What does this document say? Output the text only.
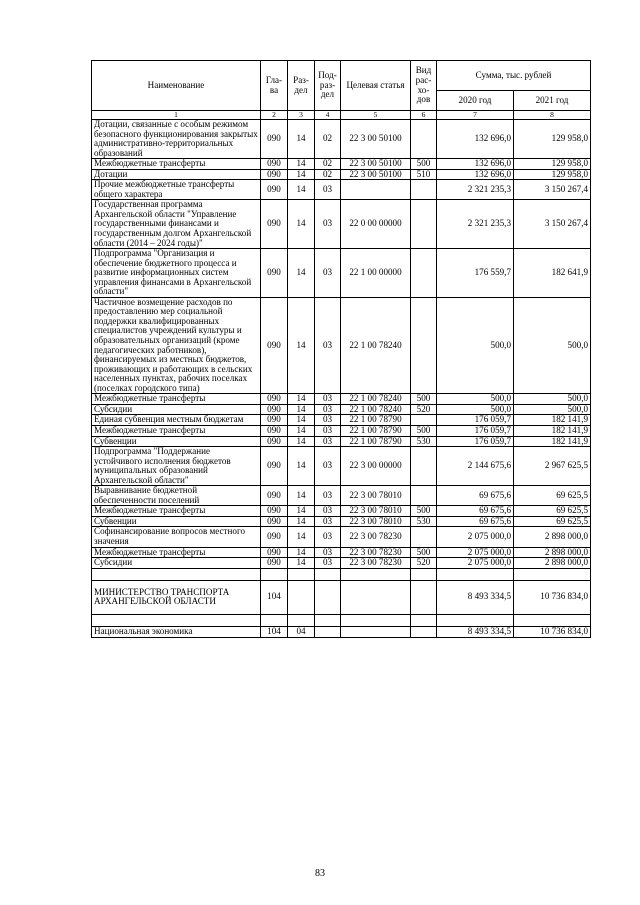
Наименование	Гла-ва	Раз-дел	Под-раз-дел	Целевая статья	Вид рас-хо-дов	Сумма, тыс. рублей	
						2020 год	2021 год
1	2	3	4	5	6	7	8
Дотации, связанные с особым режимом безопасного функционирования закрытых административно-территориальных образований	090	14	02	22 3 00 50100		132 696,0	129 958,0
Межбюджетные трансферты	090	14	02	22 3 00 50100	500	132 696,0	129 958,0
Дотации	090	14	02	22 3 00 50100	510	132 696,0	129 958,0
Прочие межбюджетные трансферты общего характера	090	14	03			2 321 235,3	3 150 267,4
Государственная программа Архангельской области "Управление государственными финансами и государственным долгом Архангельской области (2014 – 2024 годы)"	090	14	03	22 0 00 00000		2 321 235,3	3 150 267,4
Подпрограмма "Организация и обеспечение бюджетного процесса и развитие информационных систем управления финансами в Архангельской области"	090	14	03	22 1 00 00000		176 559,7	182 641,9
Частичное возмещение расходов по предоставлению мер социальной поддержки квалифицированных специалистов учреждений культуры и образовательных организаций (кроме педагогических работников), финансируемых из местных бюджетов, проживающих и работающих в сельских населенных пунктах, рабочих поселках (поселках городского типа)	090	14	03	22 1 00 78240		500,0	500,0
Межбюджетные трансферты	090	14	03	22 1 00 78240	500	500,0	500,0
Субсидии	090	14	03	22 1 00 78240	520	500,0	500,0
Единая субвенция местным бюджетам	090	14	03	22 1 00 78790		176 059,7	182 141,9
Межбюджетные трансферты	090	14	03	22 1 00 78790	500	176 059,7	182 141,9
Субвенции	090	14	03	22 1 00 78790	530	176 059,7	182 141,9
Подпрограмма "Поддержание устойчивого исполнения бюджетов муниципальных образований Архангельской области"	090	14	03	22 3 00 00000		2 144 675,6	2 967 625,5
Выравнивание бюджетной обеспеченности поселений	090	14	03	22 3 00 78010		69 675,6	69 625,5
Межбюджетные трансферты	090	14	03	22 3 00 78010	500	69 675,6	69 625,5
Субвенции	090	14	03	22 3 00 78010	530	69 675,6	69 625,5
Софинансирование вопросов местного значения	090	14	03	22 3 00 78230		2 075 000,0	2 898 000,0
Межбюджетные трансферты	090	14	03	22 3 00 78230	500	2 075 000,0	2 898 000,0
Субсидии	090	14	03	22 3 00 78230	520	2 075 000,0	2 898 000,0

МИНИСТЕРСТВО ТРАНСПОРТА АРХАНГЕЛЬСКОЙ ОБЛАСТИ	104					8 493 334,5	10 736 834,0

Национальная экономика	104	04				8 493 334,5	10 736 834,0
83
